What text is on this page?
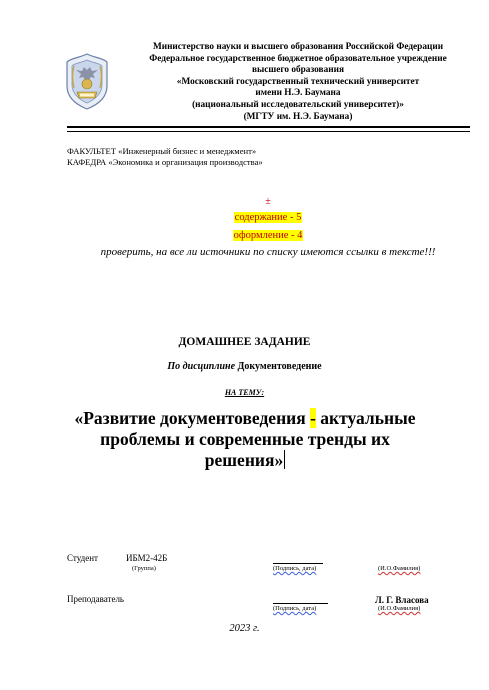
Министерство науки и высшего образования Российской Федерации
Федеральное государственное бюджетное образовательное учреждение
высшего образования
«Московский государственный технический университет
имени Н.Э. Баумана
(национальный исследовательский университет)»
(МГТУ им. Н.Э. Баумана)
ФАКУЛЬТЕТ «Инженерный бизнес и менеджмент»
КАФЕДРА «Экономика и организация производства»
±
содержание - 5
оформление - 4
проверить, на все ли источники по списку имеются ссылки в тексте!!!
ДОМАШНЕЕ ЗАДАНИЕ
По дисциплине Документоведение
НА ТЕМУ:
«Развитие документоведения - актуальные проблемы и современные тренды их решения»
Студент	ИБМ2-42Б
(Группа)	(Подпись, дата)	(И.О.Фамилия)
Преподаватель	Л. Г. Власова
(Подпись, дата)	(И.О.Фамилия)
2023 г.
